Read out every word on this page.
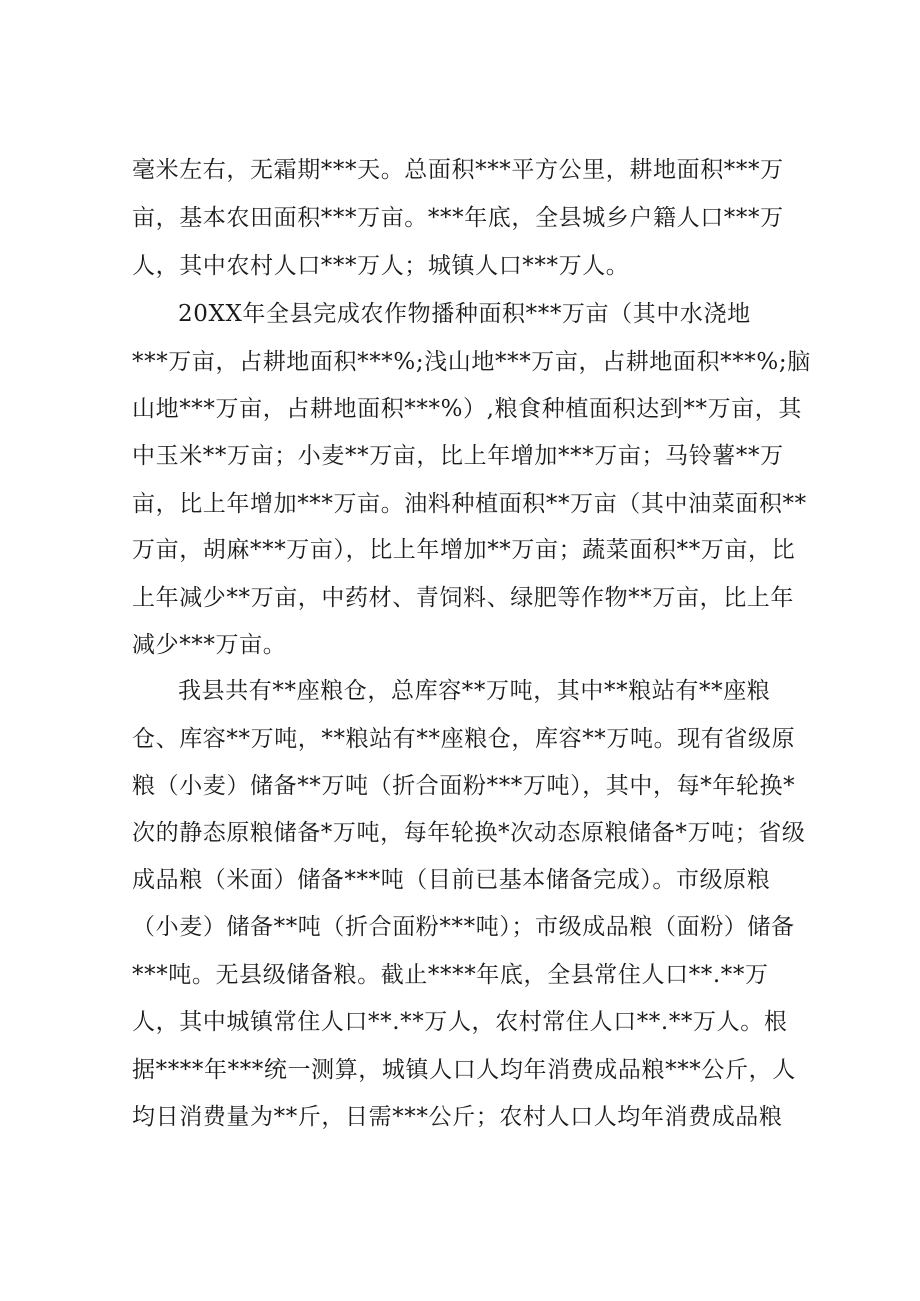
毫米左右，无霜期***天。总面积***平方公里，耕地面积***万
亩，基本农田面积***万亩。***年底，全县城乡户籍人口***万
人，其中农村人口***万人；城镇人口***万人。
20XX年全县完成农作物播种面积***万亩（其中水浇地
***万亩，占耕地面积***%;浅山地***万亩，占耕地面积***%;脑
山地***万亩，占耕地面积***%）,粮食种植面积达到**万亩，其
中玉米**万亩；小麦**万亩，比上年增加***万亩；马铃薯**万
亩，比上年增加***万亩。油料种植面积**万亩（其中油菜面积**
万亩，胡麻***万亩），比上年增加**万亩；蔬菜面积**万亩，比
上年减少**万亩，中药材、青饲料、绿肥等作物**万亩，比上年
减少***万亩。
我县共有**座粮仓，总库容**万吨，其中**粮站有**座粮
仓、库容**万吨，**粮站有**座粮仓，库容**万吨。现有省级原
粮（小麦）储备**万吨（折合面粉***万吨），其中，每*年轮换*
次的静态原粮储备*万吨，每年轮换*次动态原粮储备*万吨；省级
成品粮（米面）储备***吨（目前已基本储备完成）。市级原粮
（小麦）储备**吨（折合面粉***吨）；市级成品粮（面粉）储备
***吨。无县级储备粮。截止****年底，全县常住人口**.**万
人，其中城镇常住人口**.**万人，农村常住人口**.**万人。根
据****年***统一测算，城镇人口人均年消费成品粮***公斤，人
均日消费量为**斤，日需***公斤；农村人口人均年消费成品粮
